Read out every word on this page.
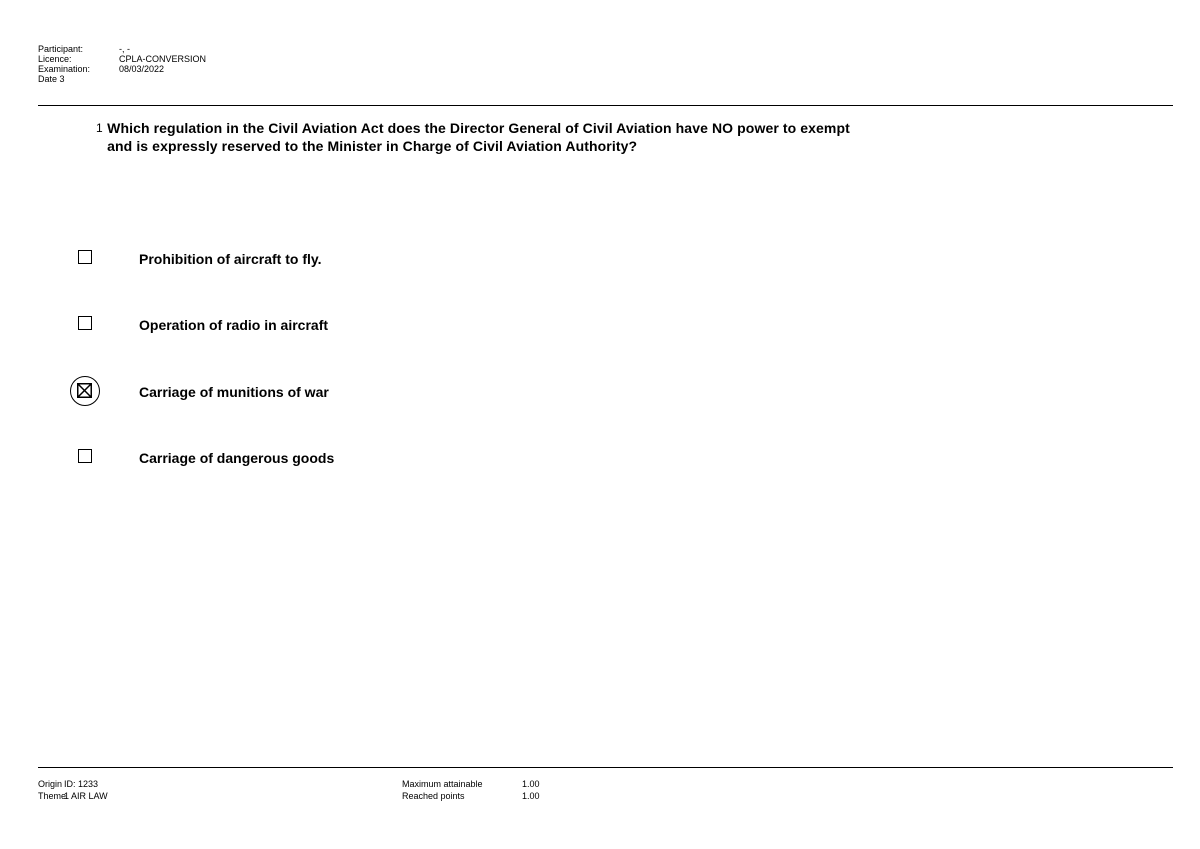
Participant:	-, -
Licence:	CPLA-CONVERSION
Examination:	08/03/2022
Date 3
1 Which regulation in the Civil Aviation Act does the Director General of Civil Aviation have NO power to exempt and is expressly reserved to the Minister in Charge of Civil Aviation Authority?
Prohibition of aircraft to fly.
Operation of radio in aircraft
Carriage of munitions of war
Carriage of dangerous goods
Origin ID: 1233
Theme
1 AIR LAW
Maximum attainable	1.00
Reached points	1.00
